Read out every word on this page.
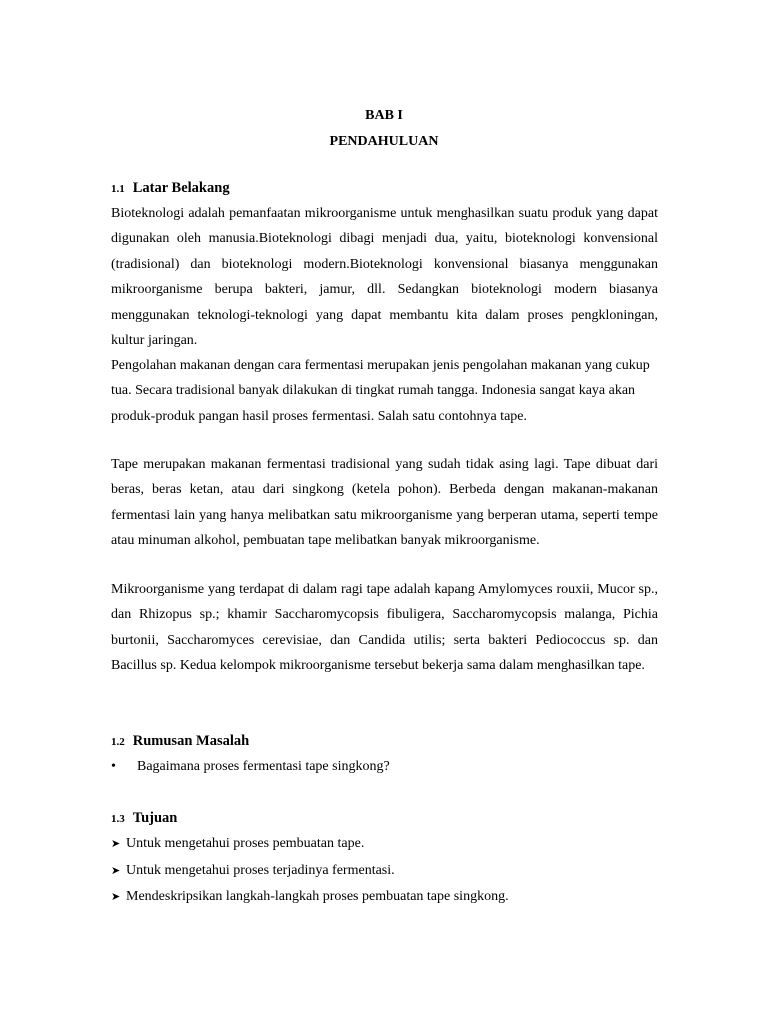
BAB I
PENDAHULUAN
1.1 Latar Belakang
Bioteknologi adalah pemanfaatan mikroorganisme untuk menghasilkan suatu produk yang dapat digunakan oleh manusia.Bioteknologi dibagi menjadi dua, yaitu, bioteknologi konvensional (tradisional) dan bioteknologi modern.Bioteknologi konvensional biasanya menggunakan mikroorganisme berupa bakteri, jamur, dll. Sedangkan bioteknologi modern biasanya menggunakan teknologi-teknologi yang dapat membantu kita dalam proses pengkloningan, kultur jaringan.
Pengolahan makanan dengan cara fermentasi merupakan jenis pengolahan makanan yang cukup tua. Secara tradisional banyak dilakukan di tingkat rumah tangga. Indonesia sangat kaya akan produk-produk pangan hasil proses fermentasi. Salah satu contohnya tape.
Tape merupakan makanan fermentasi tradisional yang sudah tidak asing lagi. Tape dibuat dari beras, beras ketan, atau dari singkong (ketela pohon). Berbeda dengan makanan-makanan fermentasi lain yang hanya melibatkan satu mikroorganisme yang berperan utama, seperti tempe atau minuman alkohol, pembuatan tape melibatkan banyak mikroorganisme.
Mikroorganisme yang terdapat di dalam ragi tape adalah kapang Amylomyces rouxii, Mucor sp., dan Rhizopus sp.; khamir Saccharomycopsis fibuligera, Saccharomycopsis malanga, Pichia burtonii, Saccharomyces cerevisiae, dan Candida utilis; serta bakteri Pediococcus sp. dan Bacillus sp. Kedua kelompok mikroorganisme tersebut bekerja sama dalam menghasilkan tape.
1.2 Rumusan Masalah
• Bagaimana proses fermentasi tape singkong?
1.3 Tujuan
➤ Untuk mengetahui proses pembuatan tape.
➤ Untuk mengetahui proses terjadinya fermentasi.
➤ Mendeskripsikan langkah-langkah proses pembuatan tape singkong.
